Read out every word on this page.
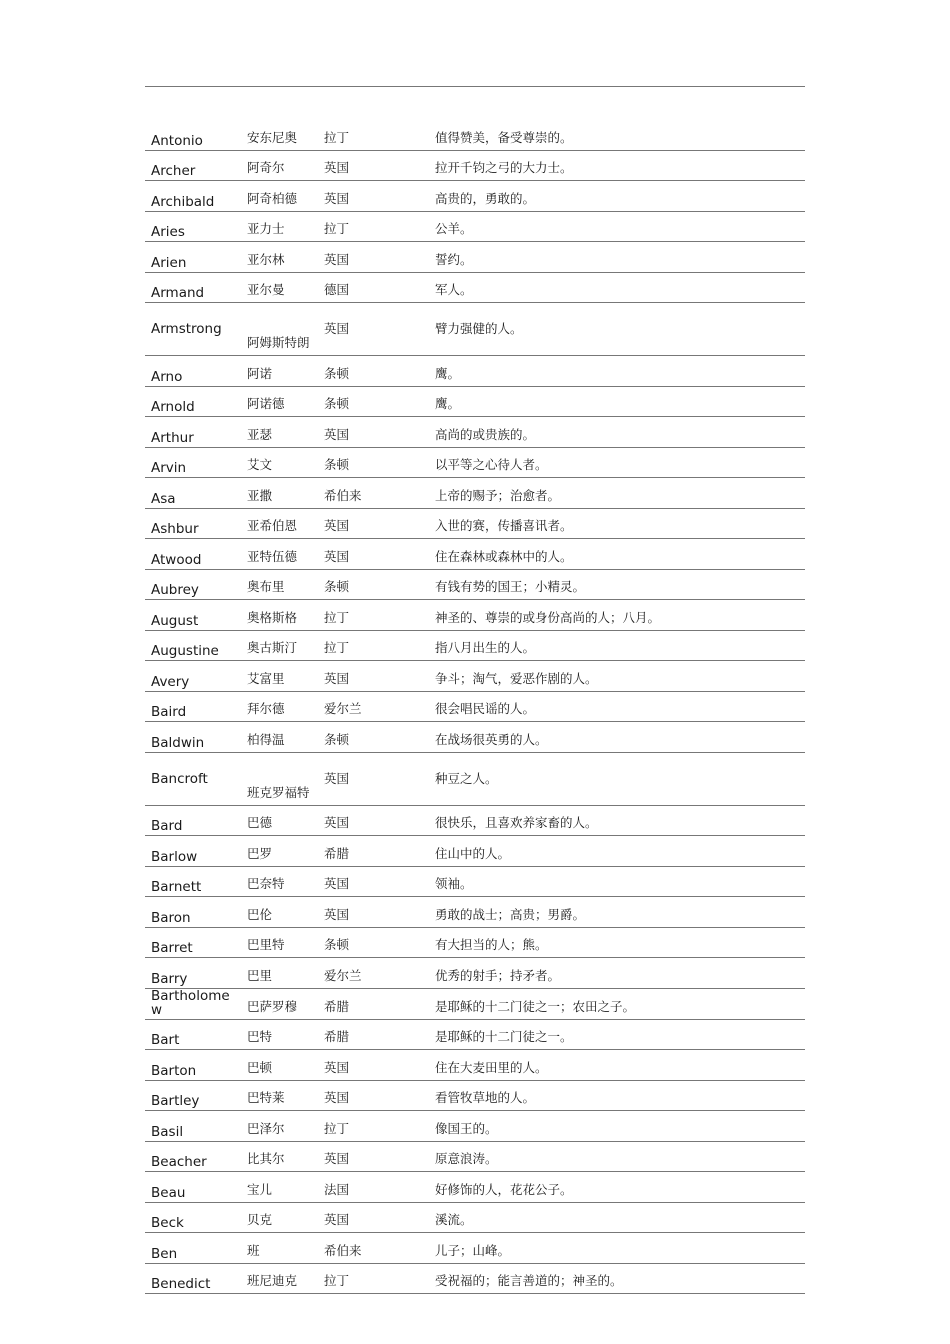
Antonio	安东尼奥	拉丁	值得赞美，备受尊崇的。
Archer	阿奇尔	英国	拉开千钧之弓的大力士。
Archibald	阿奇柏德	英国	高贵的，勇敢的。
Aries	亚力士	拉丁	公羊。
Arien	亚尔林	英国	誓约。
Armand	亚尔曼	德国	军人。
Armstrong	阿姆斯特朗	英国	臂力强健的人。
Arno	阿诺	条顿	鹰。
Arnold	阿诺德	条顿	鹰。
Arthur	亚瑟	英国	高尚的或贵族的。
Arvin	艾文	条顿	以平等之心待人者。
Asa	亚撒	希伯来	上帝的赐予；治愈者。
Ashbur	亚希伯恩	英国	入世的赛，传播喜讯者。
Atwood	亚特伍德	英国	住在森林或森林中的人。
Aubrey	奥布里	条顿	有钱有势的国王；小精灵。
August	奥格斯格	拉丁	神圣的、尊崇的或身份高尚的人；八月。
Augustine	奥古斯汀	拉丁	指八月出生的人。
Avery	艾富里	英国	争斗；淘气，爱恶作剧的人。
Baird	拜尔德	爱尔兰	很会唱民谣的人。
Baldwin	柏得温	条顿	在战场很英勇的人。
Bancroft	班克罗福特	英国	种豆之人。
Bard	巴德	英国	很快乐，且喜欢养家畜的人。
Barlow	巴罗	希腊	住山中的人。
Barnett	巴奈特	英国	领袖。
Baron	巴伦	英国	勇敢的战士；高贵；男爵。
Barret	巴里特	条顿	有大担当的人；熊。
Barry	巴里	爱尔兰	优秀的射手；持矛者。
Bartholomew	巴萨罗穆	希腊	是耶稣的十二门徒之一；农田之子。
Bart	巴特	希腊	是耶稣的十二门徒之一。
Barton	巴顿	英国	住在大麦田里的人。
Bartley	巴特莱	英国	看管牧草地的人。
Basil	巴泽尔	拉丁	像国王的。
Beacher	比其尔	英国	原意浪涛。
Beau	宝儿	法国	好修饰的人，花花公子。
Beck	贝克	英国	溪流。
Ben	班	希伯来	儿子；山峰。
Benedict	班尼迪克	拉丁	受祝福的；能言善道的；神圣的。
